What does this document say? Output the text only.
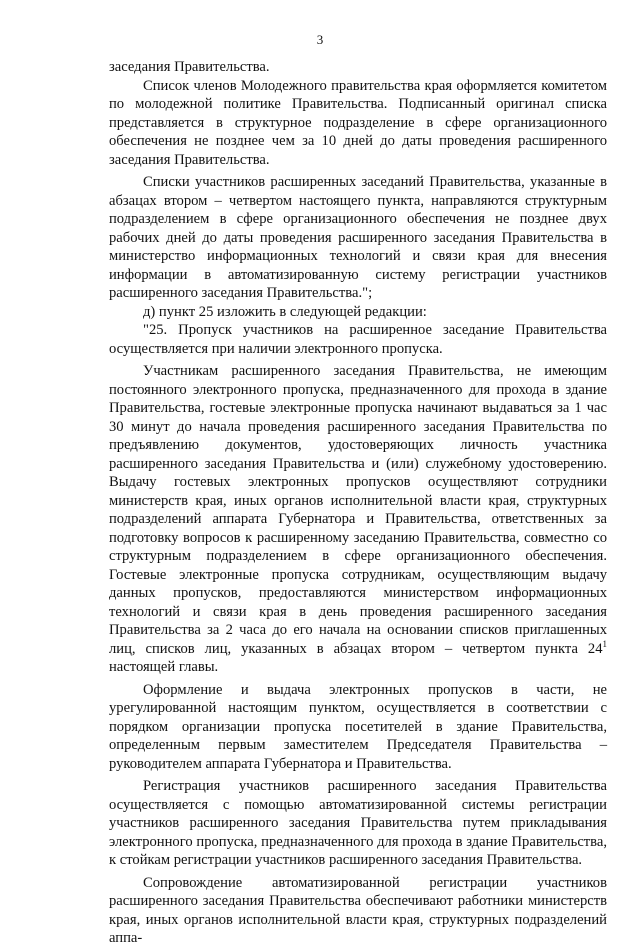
3

заседания Правительства.

Список членов Молодежного правительства края оформляется комитетом по молодежной политике Правительства. Подписанный оригинал списка представляется в структурное подразделение в сфере организационного обеспечения не позднее чем за 10 дней до даты проведения расширенного заседания Правительства.

Списки участников расширенных заседаний Правительства, указанные в абзацах втором – четвертом настоящего пункта, направляются структурным подразделением в сфере организационного обеспечения не позднее двух рабочих дней до даты проведения расширенного заседания Правительства в министерство информационных технологий и связи края для внесения информации в автоматизированную систему регистрации участников расширенного заседания Правительства.";

д) пункт 25 изложить в следующей редакции:

"25. Пропуск участников на расширенное заседание Правительства осуществляется при наличии электронного пропуска.

Участникам расширенного заседания Правительства, не имеющим постоянного электронного пропуска, предназначенного для прохода в здание Правительства, гостевые электронные пропуска начинают выдаваться за 1 час 30 минут до начала проведения расширенного заседания Правительства по предъявлению документов, удостоверяющих личность участника расширенного заседания Правительства и (или) служебному удостоверению. Выдачу гостевых электронных пропусков осуществляют сотрудники министерств края, иных органов исполнительной власти края, структурных подразделений аппарата Губернатора и Правительства, ответственных за подготовку вопросов к расширенному заседанию Правительства, совместно со структурным подразделением в сфере организационного обеспечения. Гостевые электронные пропуска сотрудникам, осуществляющим выдачу данных пропусков, предоставляются министерством информационных технологий и связи края в день проведения расширенного заседания Правительства за 2 часа до его начала на основании списков приглашенных лиц, списков лиц, указанных в абзацах втором – четвертом пункта $24^1$ настоящей главы.

Оформление и выдача электронных пропусков в части, не урегулированной настоящим пунктом, осуществляется в соответствии с порядком организации пропуска посетителей в здание Правительства, определенным первым заместителем Председателя Правительства – руководителем аппарата Губернатора и Правительства.

Регистрация участников расширенного заседания Правительства осуществляется с помощью автоматизированной системы регистрации участников расширенного заседания Правительства путем прикладывания электронного пропуска, предназначенного для прохода в здание Правительства, к стойкам регистрации участников расширенного заседания Правительства.

Сопровождение автоматизированной регистрации участников расширенного заседания Правительства обеспечивают работники министерств края, иных органов исполнительной власти края, структурных подразделений аппа-
